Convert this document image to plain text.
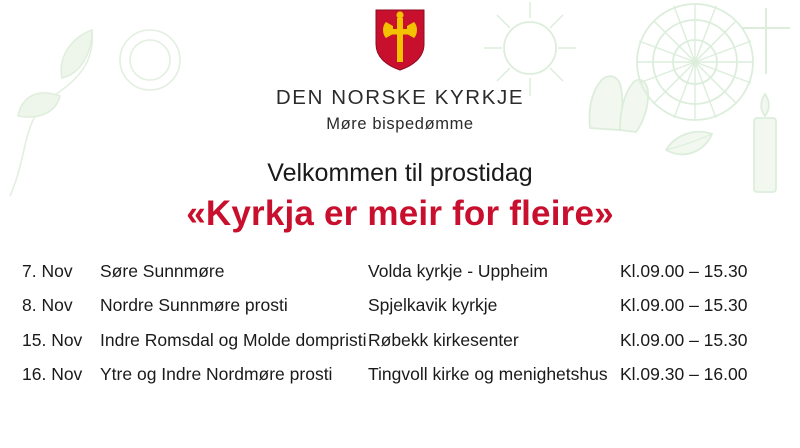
DEN NORSKE KYRKJE
Møre bispedømme
Velkommen til prostidag
«Kyrkja er meir for fleire»
7. Nov	Søre Sunnmøre	Volda kyrkje - Uppheim	Kl.09.00 – 15.30
8. Nov	Nordre Sunnmøre prosti	Spjelkavik kyrkje	Kl.09.00 – 15.30
15. Nov	Indre Romsdal og Molde dompristi	Røbekk kirkesenter	Kl.09.00 – 15.30
16. Nov	Ytre og Indre Nordmøre prosti	Tingvoll kirke og menighetshus	Kl.09.30 – 16.00
